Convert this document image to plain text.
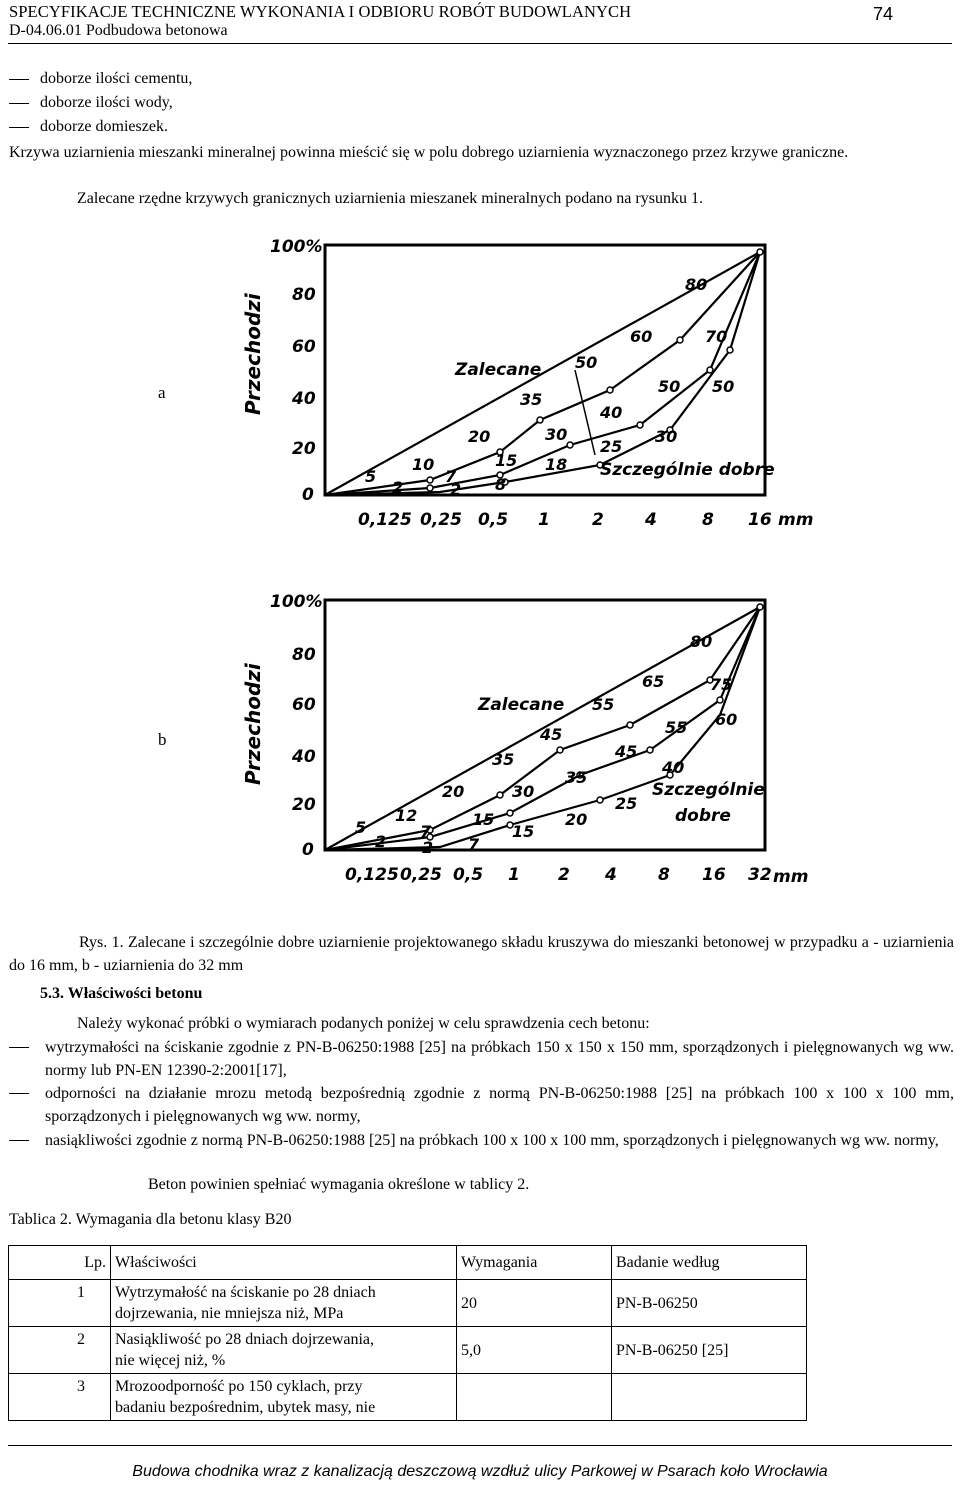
SPECYFIKACJE TECHNICZNE WYKONANIA I ODBIORU ROBÓT BUDOWLANYCH
D-04.06.01 Podbudowa betonowa
74
doborze ilości cementu,
doborze ilości wody,
doborze domieszek.
Krzywa uziarnienia mieszanki mineralnej powinna mieścić się w polu dobrego uziarnienia wyznaczonego przez krzywe graniczne.
Zalecane rzędne krzywych granicznych uziarnienia mieszanek mineralnych podano na rysunku 1.
a	Przechodzi
100%
80
60
40
20
0
0,125 0,25 0,5 1 2 4	8 16 mm
Zalecane
Szczególnie dobre
5
2
10
7
2
20
15
8
18
35
30
25
50
40
30
60
50 50
70
80
b	Przechodzi
100%
80
60
40
20
0
0,125 0,25 0,5 1 2 4 8 16 32 mm
Zalecane
Szczególnie
dobre
5
2
12
7
2 7
20
15
15
35
30
20
45
35
25
55
45
40
65
55 60
80
75
Rys. 1. Zalecane i szczególnie dobre uziarnienie projektowanego składu kruszywa do mieszanki betonowej w przypadku a - uziarnienia do 16 mm, b - uziarnienia do 32 mm
5.3. Właściwości betonu
Należy wykonać próbki o wymiarach podanych poniżej w celu sprawdzenia cech betonu:
wytrzymałości na ściskanie zgodnie z PN-B-06250:1988 [25] na próbkach 150 x 150 x 150 mm, sporządzonych i pielęgnowanych wg ww. normy lub PN-EN 12390-2:2001[17],
odporności na działanie mrozu metodą bezpośrednią zgodnie z normą PN-B-06250:1988 [25] na próbkach 100 x 100 x 100 mm, sporządzonych i pielęgnowanych wg ww. normy,
nasiąkliwości zgodnie z normą PN-B-06250:1988 [25] na próbkach 100 x 100 x 100 mm, sporządzonych i pielęgnowanych wg ww. normy,
Beton powinien spełniać wymagania określone w tablicy 2.
Tablica 2. Wymagania dla betonu klasy B20
Lp.	Właściwości	Wymagania	Badanie według
1	Wytrzymałość na ściskanie po 28 dniach
dojrzewania, nie mniejsza niż, MPa	20	PN-B-06250
2	Nasiąkliwość po 28 dniach dojrzewania,
nie więcej niż, %	5,0	PN-B-06250 [25]
3	Mrozoodporność po 150 cyklach, przy
badaniu bezpośrednim, ubytek masy, nie		

Budowa chodnika wraz z kanalizacją deszczową wzdłuż ulicy Parkowej w Psarach koło Wrocławia
